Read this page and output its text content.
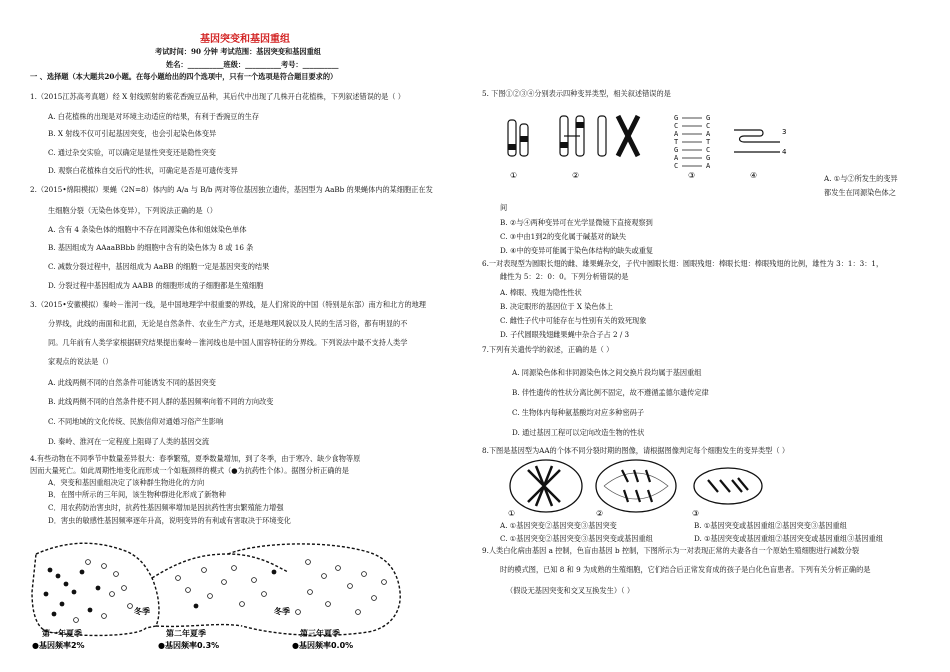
基因突变和基因重组
考试时间：90 分钟 考试范围：基因突变和基因重组
姓名：__________班级：__________考号：__________
一 、选择题（本大题共20小题。在每小题给出的四个选项中，只有一个选项是符合题目要求的）
1.（2015江苏高考真题）经 X 射线照射的紫花香豌豆品种，其后代中出现了几株开白花植株，下列叙述错误的是（ ）
A. 白花植株的出现是对环境主动适应的结果，有利于香豌豆的生存
B. X 射线不仅可引起基因突变，也会引起染色体变异
C. 通过杂交实验，可以确定是显性突变还是隐性突变
D. 观察白花植株自交后代的性状，可确定是否是可遗传变异
2.（2015•绵阳模拟）果蝇（2N=8）体内的 A/a 与 B/b 两对等位基因独立遗传，基因型为 AaBb 的果蝇体内的某细胞正在发
生细胞分裂（无染色体变异），下列说法正确的是（）
A. 含有 4 条染色体的细胞中不存在同源染色体和姐妹染色单体
B. 基因组成为 AAaaBBbb 的细胞中含有的染色体为 8 或 16 条
C. 减数分裂过程中，基因组成为 AaBB 的细胞一定是基因突变的结果
D. 分裂过程中基因组成为 AABB 的细胞形成的子细胞都是生殖细胞
3.（2015•安徽模拟）秦岭－淮河一线，是中国地理学中很重要的界线，是人们常说的中国（特别是东部）南方和北方的地理
分界线，此线的南面和北面，无论是自然条件、农业生产方式，还是地理风貌以及人民的生活习俗，都有明显的不
同。几年前有人类学家根据研究结果提出秦岭－淮河线也是中国人面容特征的分界线。下列说法中最不支持人类学
家观点的说法是（）
A. 此线两侧不同的自然条件可能诱发不同的基因突变
B. 此线两侧不同的自然条件使不同人群的基因频率向着不同的方向改变
C. 不同地域的文化传统、民族信仰对通婚习俗产生影响
D. 秦岭、淮河在一定程度上阻碍了人类的基因交流
4.有些动物在不同季节中数量差异很大：春季繁殖，夏季数量增加，到了冬季，由于寒冷、缺少食物等原
因而大量死亡。如此周期性地变化而形成一个如瓶颈样的模式（●为抗药性个体）。据图分析正确的是
A．突变和基因重组决定了该种群生物进化的方向
B．在图中所示的三年间，该生物种群进化形成了新物种
C．用农药防治害虫时，抗药性基因频率增加是因抗药性害虫繁殖能力增强
D．害虫的敏感性基因频率逐年升高，说明变异的有利或有害取决于环境变化
冬季	冬季
第一年夏季	第二年夏季	第三年夏季
●基因频率2%	●基因频率0.3%	●基因频率0.0%
5. 下图①②③④分别表示四种变异类型，相关叙述错误的是
G
C
A
T
G
A
C
G
C
A
T
C
G
A
3
4
①	②	③	④	A. ①与②所发生的变异
都发生在同源染色体之
间
B. ②与④两种变异可在光学显微镜下直接观察到
C. ③中由1到2的变化属于碱基对的缺失
D. ④中的变异可能属于染色体结构的缺失或重复
6.一对表现型为圆眼长翅的雌、雄果蝇杂交，子代中圆眼长翅：圆眼残翅：棒眼长翅：棒眼残翅的比例，雄性为 3：1：3：1，
雌性为 5：2：0：0。下列分析错误的是
A. 棒眼、残翅为隐性性状
B. 决定眼形的基因位于 X 染色体上
C. 雌性子代中可能存在与性别有关的致死现象
D. 子代圆眼残翅雌果蝇中杂合子占 2 / 3
7.下列有关遗传学的叙述，正确的是（ ）
A. 同源染色体和非同源染色体之间交换片段均属于基因重组
B. 伴性遗传的性状分离比例不固定，故不遵循孟德尔遗传定律
C. 生物体内每种氨基酸均对应多种密码子
D. 通过基因工程可以定向改造生物的性状
8.下图是基因型为AA的个体不同分裂时期的图像，请根据图像判定每个细胞发生的变异类型（ ）
①	②	③
A. ①基因突变②基因突变③基因突变	B. ①基因突变或基因重组②基因突变③基因重组
C. ①基因突变②基因突变③基因突变或基因重组	D. ①基因突变或基因重组②基因突变或基因重组③基因重组
9.人类白化病由基因 a 控制，色盲由基因 b 控制，下图所示为一对表现正常的夫妻各自一个原始生殖细胞进行减数分裂
时的模式图，已知 8 和 9 为成熟的生殖细胞，它们结合后正常发育成的孩子是白化色盲患者。下列有关分析正确的是
（假设无基因突变和交叉互换发生）（ ）
